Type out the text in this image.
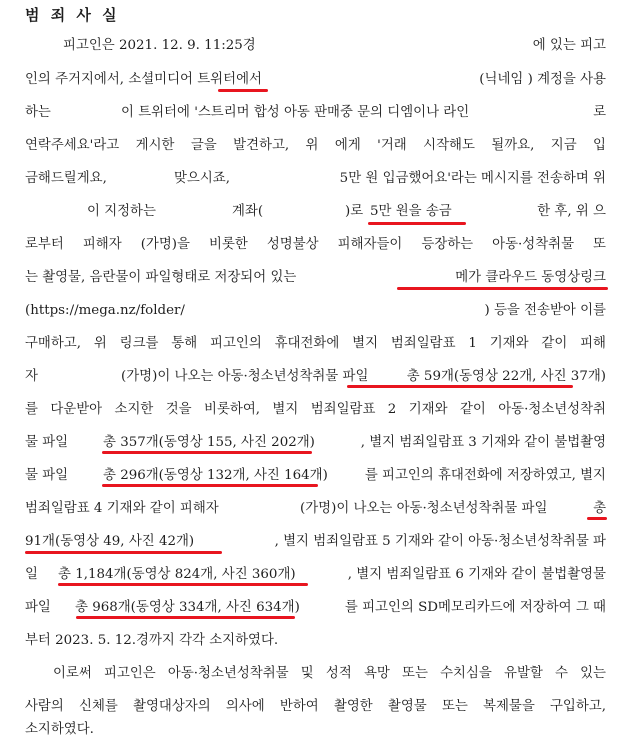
범 죄 사 실
피고인은 2021. 12. 9. 11:25경	에 있는 피고
인의 주거지에서, 소셜미디어 트위터에서	(닉네임 ) 계정을 사용
하는	이 트위터에 '스트리머 합성 아동 판매중 문의 디엠이나 라인	로
연락주세요'라고 게시한 글을 발견하고, 위 에게 '거래 시작해도 될까요, 지금 입
금해드릴게요,	맞으시죠,	5만 원 입금했어요'라는 메시지를 전송하며 위
이 지정하는	계좌(	)로 5만 원을 송금	한 후, 위 으
로부터 피해자 (가명)을 비롯한 성명불상 피해자들이 등장하는 아동·성착취물 또
는 촬영물, 음란물이 파일형태로 저장되어 있는	메가 클라우드 동영상링크
(https://mega.nz/folder/	) 등을 전송받아 이를
구매하고, 위 링크를 통해 피고인의 휴대전화에 별지 범죄일람표 1 기재와 같이 피해
자	(가명)이 나오는 아동·청소년성착취물 파일	총 59개(동영상 22개, 사진 37개)
를 다운받아 소지한 것을 비롯하여, 별지 범죄일람표 2 기재와 같이 아동·청소년성착취
물 파일	총 357개(동영상 155, 사진 202개)	, 별지 범죄일람표 3 기재와 같이 불법촬영
물 파일	총 296개(동영상 132개, 사진 164개)	를 피고인의 휴대전화에 저장하였고, 별지
범죄일람표 4 기재와 같이 피해자	(가명)이 나오는 아동·청소년성착취물 파일	총
91개(동영상 49, 사진 42개)	, 별지 범죄일람표 5 기재와 같이 아동·청소년성착취물 파
일 총 1,184개(동영상 824개, 사진 360개)	, 별지 범죄일람표 6 기재와 같이 불법촬영물
파일 총 968개(동영상 334개, 사진 634개)	를 피고인의 SD메모리카드에 저장하여 그 때
부터 2023. 5. 12.경까지 각각 소지하였다.
이로써 피고인은 아동·청소년성착취물 및 성적 욕망 또는 수치심을 유발할 수 있는
사람의 신체를 촬영대상자의 의사에 반하여 촬영한 촬영물 또는 복제물을 구입하고,
소지하였다.
